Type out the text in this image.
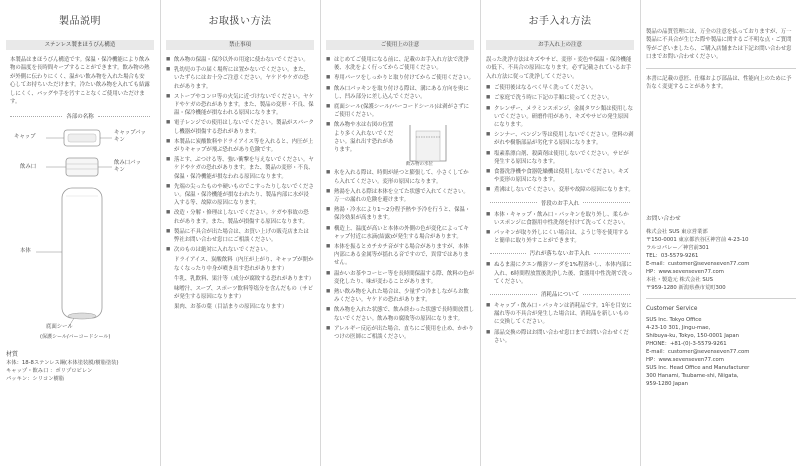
製品説明
ステンレス製まほうびん構造
本製品はまほうびん構造です。保温・保冷機能により飲み物の温度を長時間キープすることができます。飲み物の熱が外側に伝わりにくく、温かい飲み物を入れた場合も安心してお持ちいただけます。冷たい飲み物を入れても結露しにくく、バッグや手を汚すことなくご使用いただけます。
各部の名称
キャップ
キャップパッキン
飲み口
飲み口パッキン
本体
底面シール
(保護シール/バーコードシール)
材質
本体：18-8ステンレス鋼(本体塗装膜/樹脂塗装)
キャップ・飲み口 ：ポリプロピレン
パッキン：シリコン樹脂
お取扱い方法
禁止事項
■ 飲み物の保温・保冷以外の用途に使わないでください。
■ 乳幼児の手の届く場所には置かないでください。また、いたずらにはお十分ご注意ください。ヤケドやケガの恐れがあります。
■ ストーブやコンロ等の火気に近づけないでください。ヤケドやケガの恐れがあります。また、製品の変形・不良、保温・保冷機能が損なわれる原因になります。
■ 電子レンジでの使用はしないでください。製品がスパークし機器が損傷する恐れがあります。
■ 本製品に炭酸飲料やドライアイス等を入れると、内圧が上がりキャップが飛ぶ恐れがあり危険です。
■ 落とす、ぶつける等、強い衝撃を与えないでください。ヤケドやケガの恐れがあります。また、製品の変形・不良、保温・保冷機能が損なわれる原因になります。
■ 先端の尖ったものや硬いものでこすったりしないでください。保温・保冷機能が損なわれたり、製品内部に水が浸入する等、故障の原因になります。
■ 改造・分解・修理はしないでください。ケガや事故の恐れがあります。また、製品が損傷する原因になります。
■ 製品に不具合が出た場合は、お買い上げの販売店または弊社お問い合わせ窓口にご相談ください。
■ 次のものは絶対に入れないでください。
ドライアイス、炭酸飲料（内圧が上がり、キャップが開かなくなったり中身が噴き出す恐れがあります）
牛乳、乳飲料、果汁等（成分が腐敗する恐れがあります）
味噌汁、スープ、スポーツ飲料等塩分を含んだもの（サビが発生する原因になります）
果肉、お茶の葉（目詰まりの原因になります）
ご使用上の注意
■ はじめてご使用になる前に、記載のお手入れ方法で洗浄後、水洗をよく行ってからご使用ください。
■ 専用パーツをしっかりと取り付けてからご使用ください。
■ 飲み口パッキンを取り付ける際は、溝にある方向を奥にし、凹み部分に差し込んでください。
■ 底面シール(保護シール/バーコードシール)は剥がさずにご使用ください。
■ 飲み物や水は右図の位置より多く入れないでください。溢れ出す恐れがあります。
飲み物の水位
■ 氷を入れる際は、時間が経つと膨張して、小さくしてから入れてください。変形の原因になります。
■ 熱湯を入れる際は本体を立てた状態で入れてください。万一の漏れの危険を避けます。
■ 熱湯・冷水により1〜2分程予熱や予冷を行うと、保温・保冷効果が高まります。
■ 構造上、温度が高いと本体の外側の色が変化によってキャップ付近に水滴(結露)が発生する場合があります。
■ 本体を振るとカチカチ音がする場合がありますが、本体内部にある金属等が揺れる音ですので、異常ではありません。
■ 温かいお茶やコーヒー等を長時間保温する際、飲料の色が変化したり、味が変わることがあります。
■ 熱い飲み物を入れた場合は、少量ずつ冷ましながらお飲みください。ヤケドの恐れがあります。
■ 飲み物を入れた状態で、飲み終わった状態で長時間放置しないでください。飲み物の腐敗等の原因になります。
■ アレルギー反応が出た場合、直ちにご使用を止め、かかりつけの医師にご相談ください。
お手入れ方法
お手入れ上の注意
誤った洗浄方法はキズやサビ、変形・変色や保温・保冷機能の低下、不具合の原因になります。必ず記載されているお手入れ方法に従って洗浄してください。
■ ご使用後はなるべく早く洗ってください。
■ ご家庭で洗う時に下記の手順に従ってください。
■ クレンザー、メラミンスポンジ、金属タワシ類は使用しないでください。研磨作用があり、キズやサビの発生原因になります。
■ シンナー、ベンジン等は使用しないでください。塗料の剥がれや樹脂部品が劣化する原因になります。
■ 塩素系漂白剤、殺菌剤は使用しないでください。サビが発生する原因になります。
■ 食器洗浄機や食器乾燥機は使用しないでください。キズや変形の原因になります。
■ 煮沸はしないでください。変形や故障の原因になります。
普段のお手入れ
■ 本体・キャップ・飲み口・パッキンを取り外し、柔らかいスポンジに食器用中性洗剤を付けて洗ってください。
■ パッキンが取り外しにくい場合は、ようじ等を使用すると簡単に取り外すことができます。
汚れが落ちないお手入れ
■ ぬるま湯にクエン酸溶ソーダを1%程溶かし、本体内部に入れ、6時間程放置後洗浄した後、食器用中性洗剤で洗ってください。
消耗品について
■ キャップ・飲み口・パッキンは消耗品です。1年を目安に漏れ等の不具合が発生した場合は、消耗品を新しいものに交換してください。
■ 部品交換の際はお問い合わせ窓口までお問い合わせください。
製品の品質管理には、万全の注意を払っておりますが、万一製品に不具合が生じた際や製品に関するご不明な点・ご質問等がございましたら、ご購入店舗または下記お問い合わせ窓口までお問い合わせください。
本書に記載の意匠、仕様および部品は、性能向上のために予告なく変更することがあります。
お問い合わせ
株式会社 SUS 東京営業部
〒150-0001 東京都渋谷区神宮前 4-23-10
ラルコパレー／神宮前301
TEL：03-5579-9261
E-mail：customer@sevenseven77.com
HP：www.sevenseven77.com
本社・製造元 株式会社 SUS
〒959-1280 新潟県燕市荒町300
Customer Service
SUS Inc. Tokyo Office
4-23-10 301, Jingu-mae,
Shibuya-ku, Tokyo, 150-0001 Japan
PHONE：+81-(0)-3-5579-9261
E-mail：customer@sevenseven77.com
HP：www.sevenseven77.com
SUS Inc. Head Office and Manufacturer
300 Hanami, Tsubame-shi, Niigata,
959-1280 Japan
